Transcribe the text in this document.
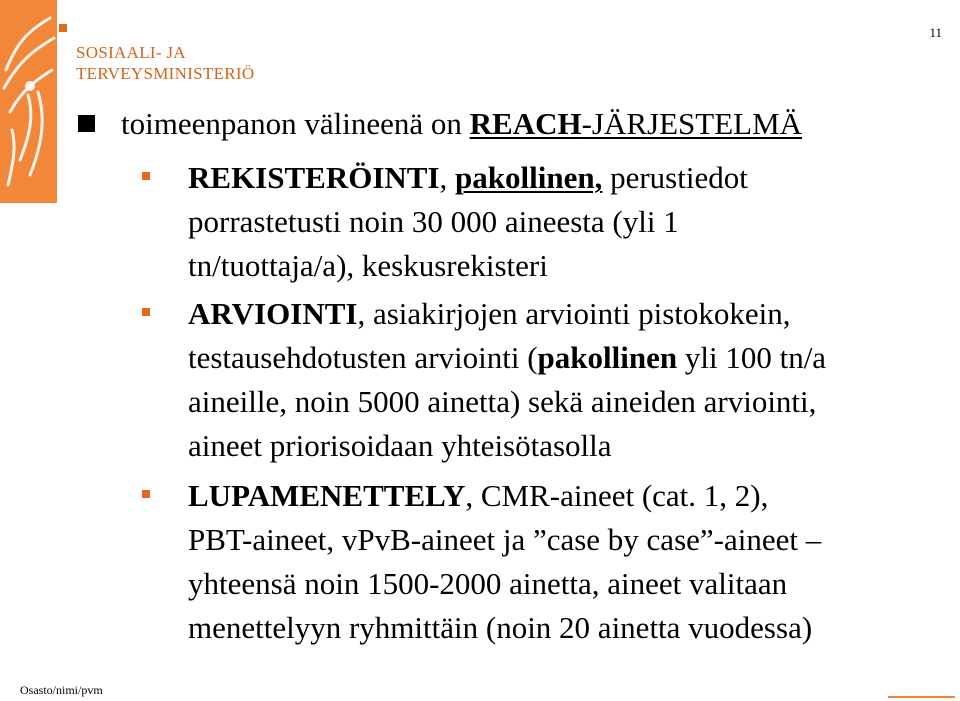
SOSIAALI- JA
TERVEYSMINISTERIÖ
11
toimeenpanon välineenä on REACH-JÄRJESTELMÄ
REKISTERÖINTI, pakollinen, perustiedot
porrastetusti noin 30 000 aineesta (yli 1
tn/tuottaja/a), keskusrekisteri
ARVIOINTI, asiakirjojen arviointi pistokokein,
testausehdotusten arviointi (pakollinen yli 100 tn/a
aineille, noin 5000 ainetta) sekä aineiden arviointi,
aineet priorisoidaan yhteisötasolla
LUPAMENETTELY, CMR-aineet (cat. 1, 2),
PBT-aineet, vPvB-aineet ja ”case by case”-aineet –
yhteensä noin 1500-2000 ainetta, aineet valitaan
menettelyyn ryhmittäin (noin 20 ainetta vuodessa)
Osasto/nimi/pvm
